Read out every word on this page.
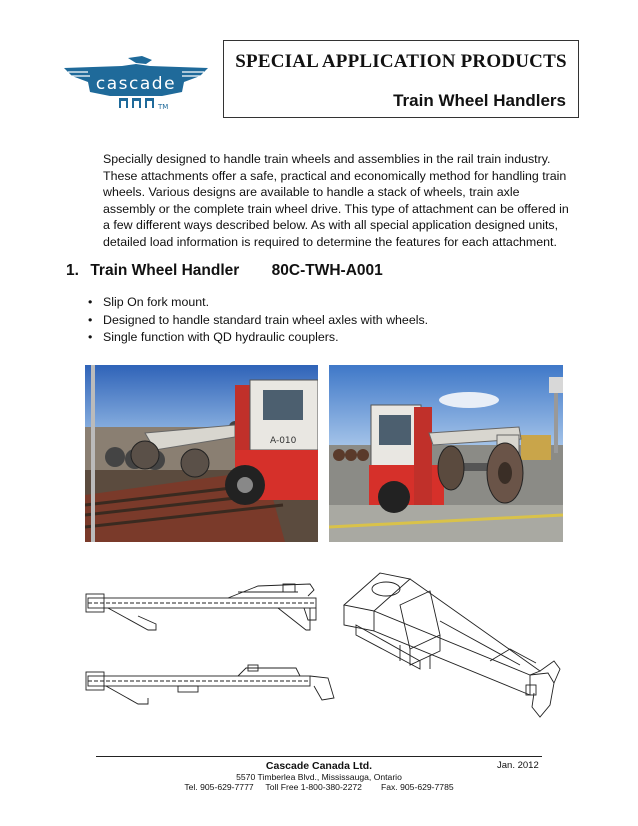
cascade
TM
SPECIAL APPLICATION PRODUCTS
Train Wheel Handlers

Specially designed to handle train wheels and assemblies in the rail train industry. These attachments offer a safe, practical and economically method for handling train wheels. Various designs are available to handle a stack of wheels, train axle assembly or the complete train wheel drive. This type of attachment can be offered in a few different ways described below. As with all special application designed units, detailed load information is required to determine the features for each attachment.

1. Train Wheel Handler 80C-TWH-A001
• Slip On fork mount.
• Designed to handle standard train wheel axles with wheels.
• Single function with QD hydraulic couplers.
A-010
Cascade Canada Ltd.	Jan. 2012
5570 Timberlea Blvd., Mississauga, Ontario
Tel. 905-629-7777     Toll Free 1-800-380-2272        Fax. 905-629-7785
